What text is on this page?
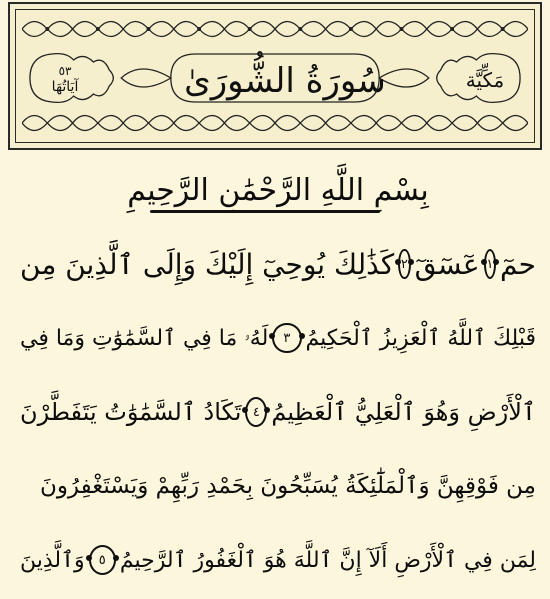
سُورَةُ الشُّورَىٰ	مَكِّيَّة
٥٣
آيَاتُهَا
بِسْمِ اللَّهِ الرَّحْمَٰنِ الرَّحِيمِ
حمٓ
١
عٓسٓقٓ
٢
كَذَٰلِكَ يُوحِيٓ إِلَيْكَ وَإِلَى ٱلَّذِينَ مِن
قَبْلِكَ ٱللَّهُ ٱلْعَزِيزُ ٱلْحَكِيمُ
٣
لَهُۥ مَا فِي ٱلسَّمَٰوَٰتِ وَمَا فِي
ٱلْأَرْضِ وَهُوَ ٱلْعَلِيُّ ٱلْعَظِيمُ
٤
تَكَادُ ٱلسَّمَٰوَٰتُ يَتَفَطَّرْنَ
مِن فَوْقِهِنَّ وَٱلْمَلَٰٓئِكَةُ يُسَبِّحُونَ بِحَمْدِ رَبِّهِمْ وَيَسْتَغْفِرُونَ
لِمَن فِي ٱلْأَرْضِ أَلَآ إِنَّ ٱللَّهَ هُوَ ٱلْغَفُورُ ٱلرَّحِيمُ
٥
وَٱلَّذِينَ
